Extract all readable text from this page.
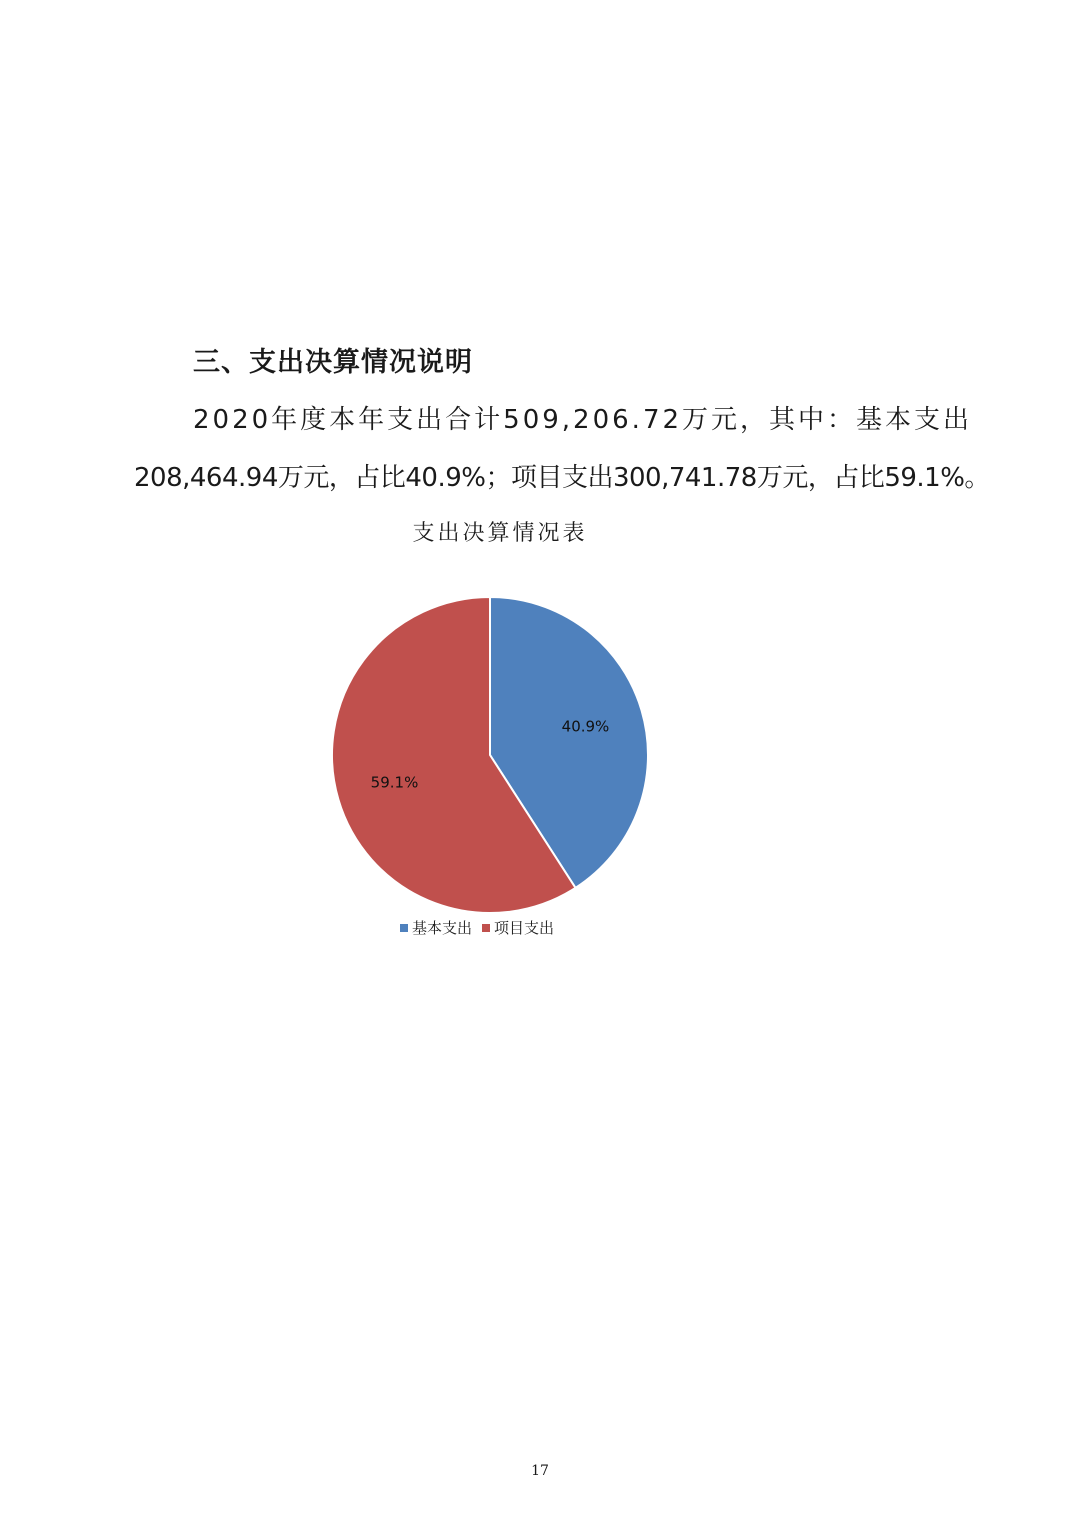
三、支出决算情况说明

2020年度本年支出合计509,206.72万元，其中：基本支出

208,464.94万元，占比40.9%；项目支出300,741.78万元，占比59.1%。

支出决算情况表
40.9%
59.1%
基本支出 项目支出
17
